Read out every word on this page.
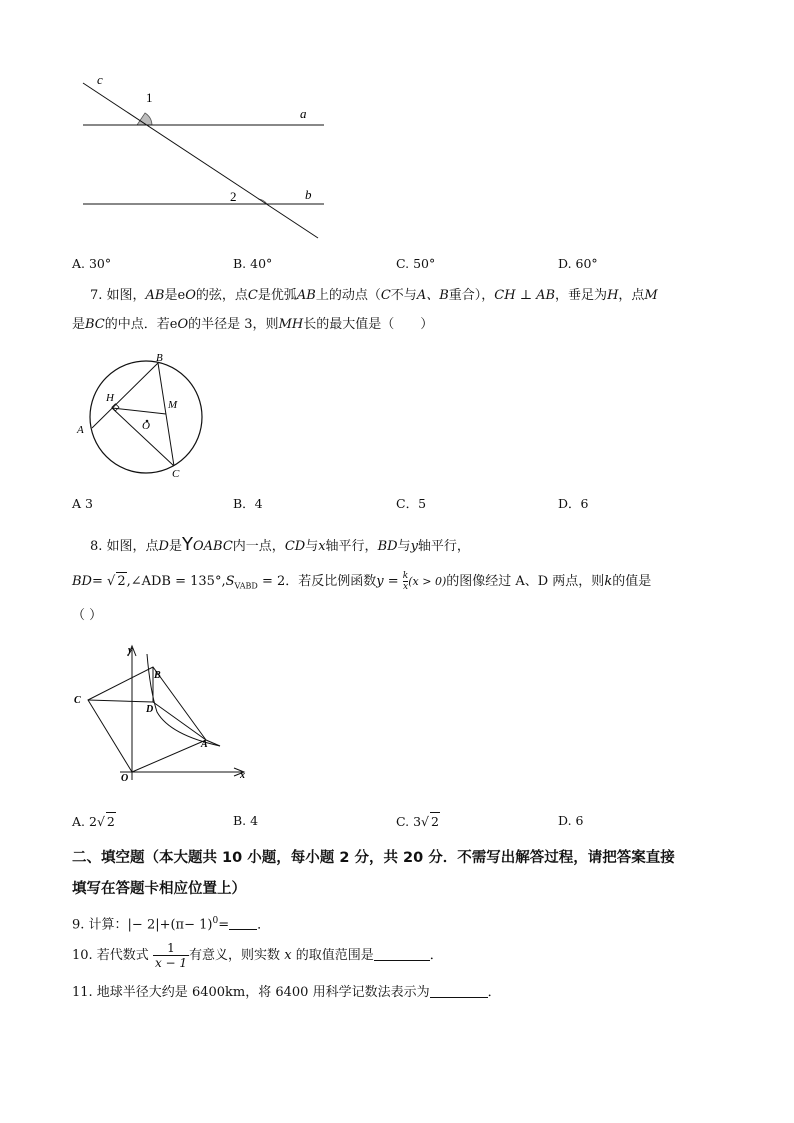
c
1
a
2	b
A. 30°	B. 40°	C. 50°	D. 60°
7. 如图，AB是eO的弦，点C是优弧AB上的动点（C不与A、B重合），CH ⊥ AB，垂足为H，点M
是BC的中点．若eO的半径是 3，则MH长的最大值是（　　）
B
H
M
O
A
C
A 3	B．4	C．5	D．6
8. 如图，点D是YOABC内一点，CD与x轴平行，BD与y轴平行，
BD= √ 2,∠ADB = $135^\circ,S_{VABD} = 2$．若反比例函数$y = \frac{k}{x}(x > 0)$的图像经过 A、D 两点，则k的值是
（ ）
y
B
C
D
A
O	x
A. 2√ 2	B. 4	C. 3√ 2	D. 6
二、填空题（本大题共 10 小题，每小题 2 分，共 20 分．不需写出解答过程，请把答案直接
填写在答题卡相应位置上）
9. 计算：|− $2|+(\pi- 1)^0=$ ．
10. 若代数式 $\frac{1}{x - 1}$ 有意义，则实数 x 的取值范围是	．
11. 地球半径大约是 6400km，将 6400 用科学记数法表示为	．
